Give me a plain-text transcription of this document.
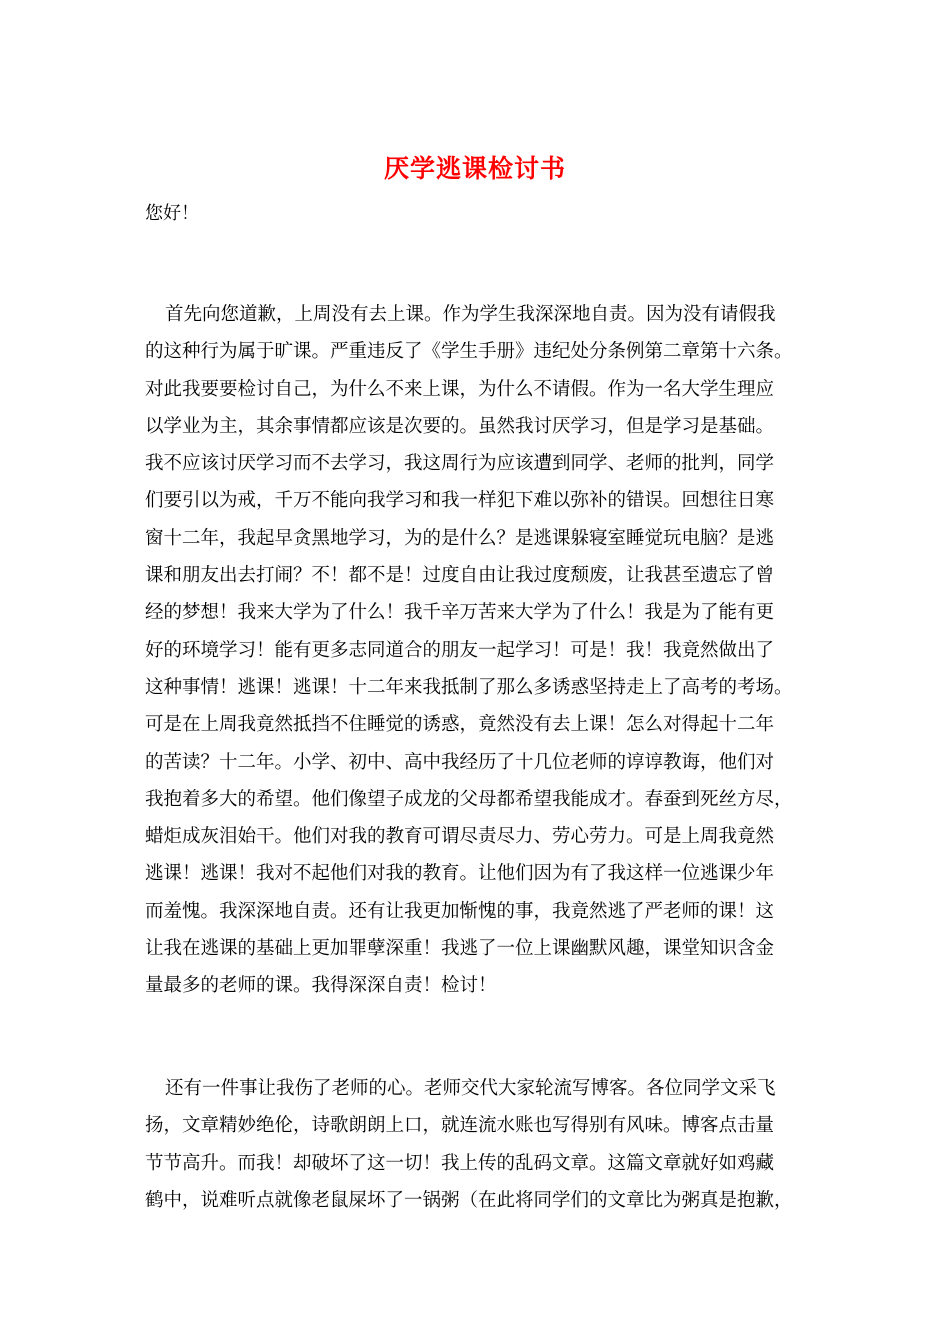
厌学逃课检讨书
您好！
首先向您道歉，上周没有去上课。作为学生我深深地自责。因为没有请假我
的这种行为属于旷课。严重违反了《学生手册》违纪处分条例第二章第十六条。
对此我要要检讨自己，为什么不来上课，为什么不请假。作为一名大学生理应
以学业为主，其余事情都应该是次要的。虽然我讨厌学习，但是学习是基础。
我不应该讨厌学习而不去学习，我这周行为应该遭到同学、老师的批判，同学
们要引以为戒，千万不能向我学习和我一样犯下难以弥补的错误。回想往日寒
窗十二年，我起早贪黑地学习，为的是什么？是逃课躲寝室睡觉玩电脑？是逃
课和朋友出去打闹？不！都不是！过度自由让我过度颓废，让我甚至遗忘了曾
经的梦想！我来大学为了什么！我千辛万苦来大学为了什么！我是为了能有更
好的环境学习！能有更多志同道合的朋友一起学习！可是！我！我竟然做出了
这种事情！逃课！逃课！十二年来我抵制了那么多诱惑坚持走上了高考的考场。
可是在上周我竟然抵挡不住睡觉的诱惑，竟然没有去上课！怎么对得起十二年
的苦读？十二年。小学、初中、高中我经历了十几位老师的谆谆教诲，他们对
我抱着多大的希望。他们像望子成龙的父母都希望我能成才。春蚕到死丝方尽，
蜡炬成灰泪始干。他们对我的教育可谓尽责尽力、劳心劳力。可是上周我竟然
逃课！逃课！我对不起他们对我的教育。让他们因为有了我这样一位逃课少年
而羞愧。我深深地自责。还有让我更加惭愧的事，我竟然逃了严老师的课！这
让我在逃课的基础上更加罪孽深重！我逃了一位上课幽默风趣，课堂知识含金
量最多的老师的课。我得深深自责！检讨！
还有一件事让我伤了老师的心。老师交代大家轮流写博客。各位同学文采飞
扬，文章精妙绝伦，诗歌朗朗上口，就连流水账也写得别有风味。博客点击量
节节高升。而我！却破坏了这一切！我上传的乱码文章。这篇文章就好如鸡藏
鹤中，说难听点就像老鼠屎坏了一锅粥（在此将同学们的文章比为粥真是抱歉，
